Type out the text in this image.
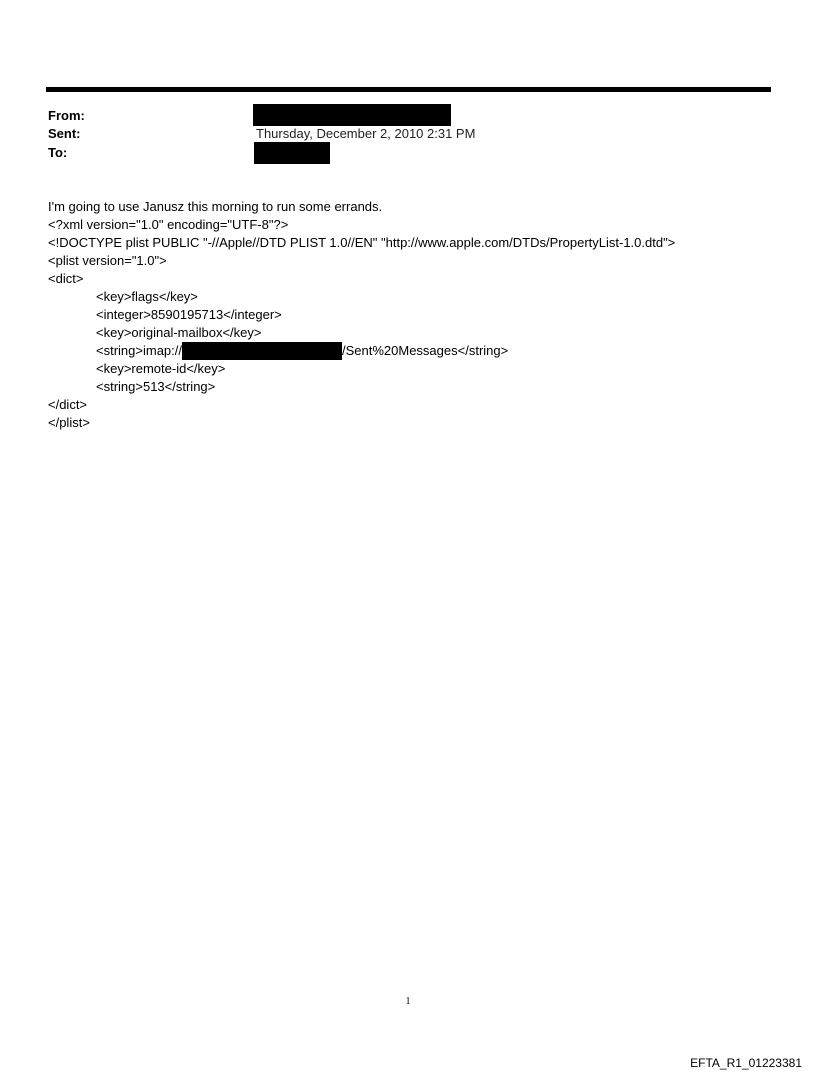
From:
Sent:	Thursday, December 2, 2010 2:31 PM
To:
I'm going to use Janusz this morning to run some errands.
<?xml version="1.0" encoding="UTF-8"?>
<!DOCTYPE plist PUBLIC "-//Apple//DTD PLIST 1.0//EN" "http://www.apple.com/DTDs/PropertyList-1.0.dtd">
<plist version="1.0">
<dict>
<key>flags</key>
<integer>8590195713</integer>
<key>original-mailbox</key>
<string>imap://	/Sent%20Messages</string>
<key>remote-id</key>
<string>513</string>
</dict>
</plist>
1
EFTA_R1_01223381
